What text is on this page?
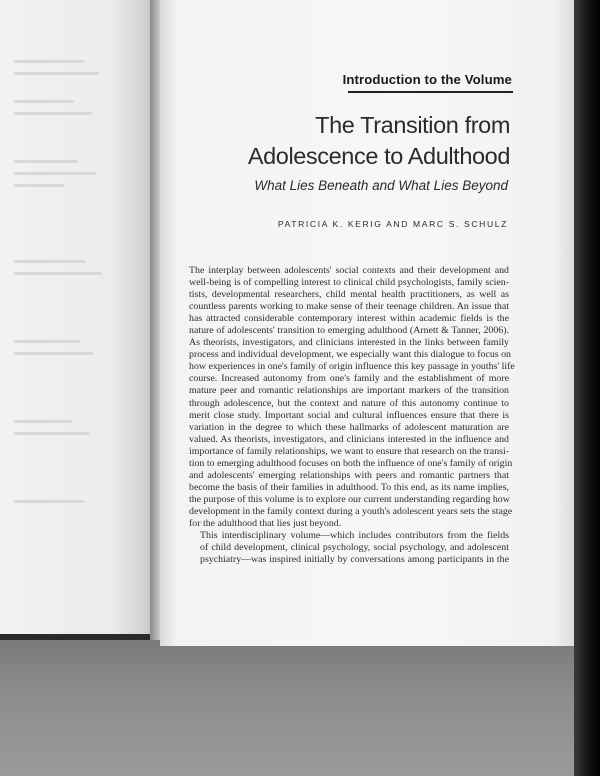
Introduction to the Volume
The Transition from
Adolescence to Adulthood
What Lies Beneath and What Lies Beyond
PATRICIA K. KERIG AND MARC S. SCHULZ

The interplay between adolescents' social contexts and their development and
well-being is of compelling interest to clinical child psychologists, family scien-
tists, developmental researchers, child mental health practitioners, as well as
countless parents working to make sense of their teenage children. An issue that
has attracted considerable contemporary interest within academic fields is the
nature of adolescents' transition to emerging adulthood (Arnett & Tanner, 2006).
As theorists, investigators, and clinicians interested in the links between family
process and individual development, we especially want this dialogue to focus on
how experiences in one's family of origin influence this key passage in youths' life
course. Increased autonomy from one's family and the establishment of more
mature peer and romantic relationships are important markers of the transition
through adolescence, but the context and nature of this autonomy continue to
merit close study. Important social and cultural influences ensure that there is
variation in the degree to which these hallmarks of adolescent maturation are
valued. As theorists, investigators, and clinicians interested in the influence and
importance of family relationships, we want to ensure that research on the transi-
tion to emerging adulthood focuses on both the influence of one's family of origin
and adolescents' emerging relationships with peers and romantic partners that
become the basis of their families in adulthood. To this end, as its name implies,
the purpose of this volume is to explore our current understanding regarding how
development in the family context during a youth's adolescent years sets the stage
for the adulthood that lies just beyond.

This interdisciplinary volume—which includes contributors from the fields
of child development, clinical psychology, social psychology, and adolescent
psychiatry—was inspired initially by conversations among participants in the
